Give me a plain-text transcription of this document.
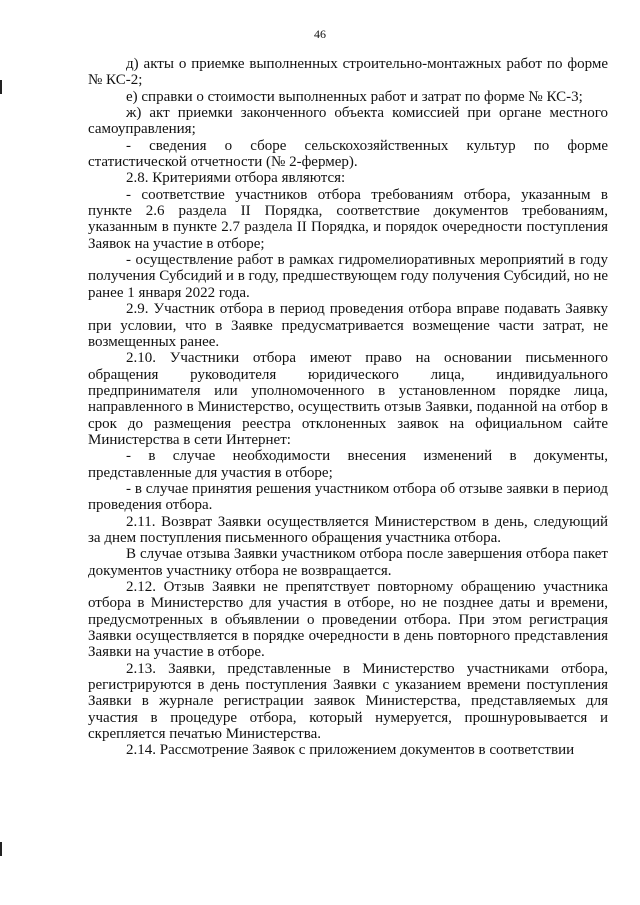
46

д) акты о приемке выполненных строительно-монтажных работ по форме № КС-2;

е) справки о стоимости выполненных работ и затрат по форме № КС-3;

ж) акт приемки законченного объекта комиссией при органе местного самоуправления;

- сведения о сборе сельскохозяйственных культур по форме статистической отчетности (№ 2-фермер).

2.8. Критериями отбора являются:

- соответствие участников отбора требованиям отбора, указанным в пункте 2.6 раздела II Порядка, соответствие документов требованиям, указанным в пункте 2.7 раздела II Порядка, и порядок очередности поступления Заявок на участие в отборе;

- осуществление работ в рамках гидромелиоративных мероприятий в году получения Субсидий и в году, предшествующем году получения Субсидий, но не ранее 1 января 2022 года.

2.9. Участник отбора в период проведения отбора вправе подавать Заявку при условии, что в Заявке предусматривается возмещение части затрат, не возмещенных ранее.

2.10. Участники отбора имеют право на основании письменного обращения руководителя юридического лица, индивидуального предпринимателя или уполномоченного в установленном порядке лица, направленного в Министерство, осуществить отзыв Заявки, поданной на отбор в срок до размещения реестра отклоненных заявок на официальном сайте Министерства в сети Интернет:

- в случае необходимости внесения изменений в документы, представленные для участия в отборе;

- в случае принятия решения участником отбора об отзыве заявки в период проведения отбора.

2.11. Возврат Заявки осуществляется Министерством в день, следующий за днем поступления письменного обращения участника отбора.

В случае отзыва Заявки участником отбора после завершения отбора пакет документов участнику отбора не возвращается.

2.12. Отзыв Заявки не препятствует повторному обращению участника отбора в Министерство для участия в отборе, но не позднее даты и времени, предусмотренных в объявлении о проведении отбора. При этом регистрация Заявки осуществляется в порядке очередности в день повторного представления Заявки на участие в отборе.

2.13. Заявки, представленные в Министерство участниками отбора, регистрируются в день поступления Заявки с указанием времени поступления Заявки в журнале регистрации заявок Министерства, представляемых для участия в процедуре отбора, который нумеруется, прошнуровывается и скрепляется печатью Министерства.

2.14. Рассмотрение Заявок с приложением документов в соответствии
